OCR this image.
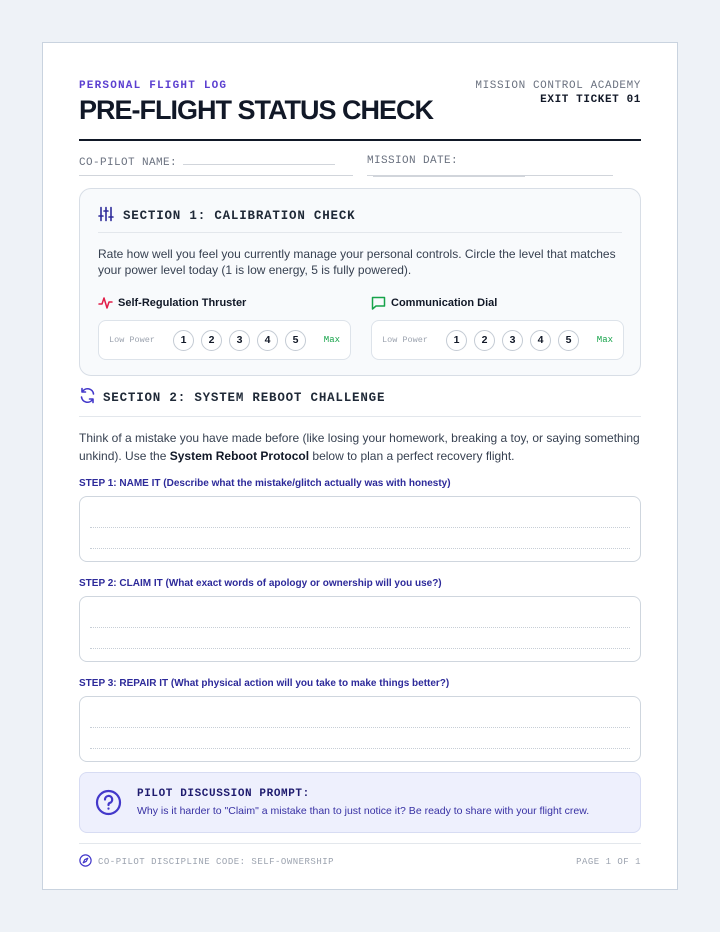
PERSONAL FLIGHT LOG
PRE-FLIGHT STATUS CHECK
MISSION CONTROL ACADEMY
EXIT TICKET 01
CO-PILOT NAME:	MISSION DATE:
SECTION 1: CALIBRATION CHECK

Rate how well you feel you currently manage your personal controls. Circle the level that matches your power level today (1 is low energy, 5 is fully powered).

Self-Regulation Thruster
Low Power	1	2	3	4	5	Max
Communication Dial
Low Power	1	2	3	4	5	Max
SECTION 2: SYSTEM REBOOT CHALLENGE

Think of a mistake you have made before (like losing your homework, breaking a toy, or saying something unkind). Use the System Reboot Protocol below to plan a perfect recovery flight.

STEP 1: NAME IT (Describe what the mistake/glitch actually was with honesty)
STEP 2: CLAIM IT (What exact words of apology or ownership will you use?)
STEP 3: REPAIR IT (What physical action will you take to make things better?)
PILOT DISCUSSION PROMPT:
Why is it harder to "Claim" a mistake than to just notice it? Be ready to share with your flight crew.
CO-PILOT DISCIPLINE CODE: SELF-OWNERSHIP	PAGE 1 OF 1
